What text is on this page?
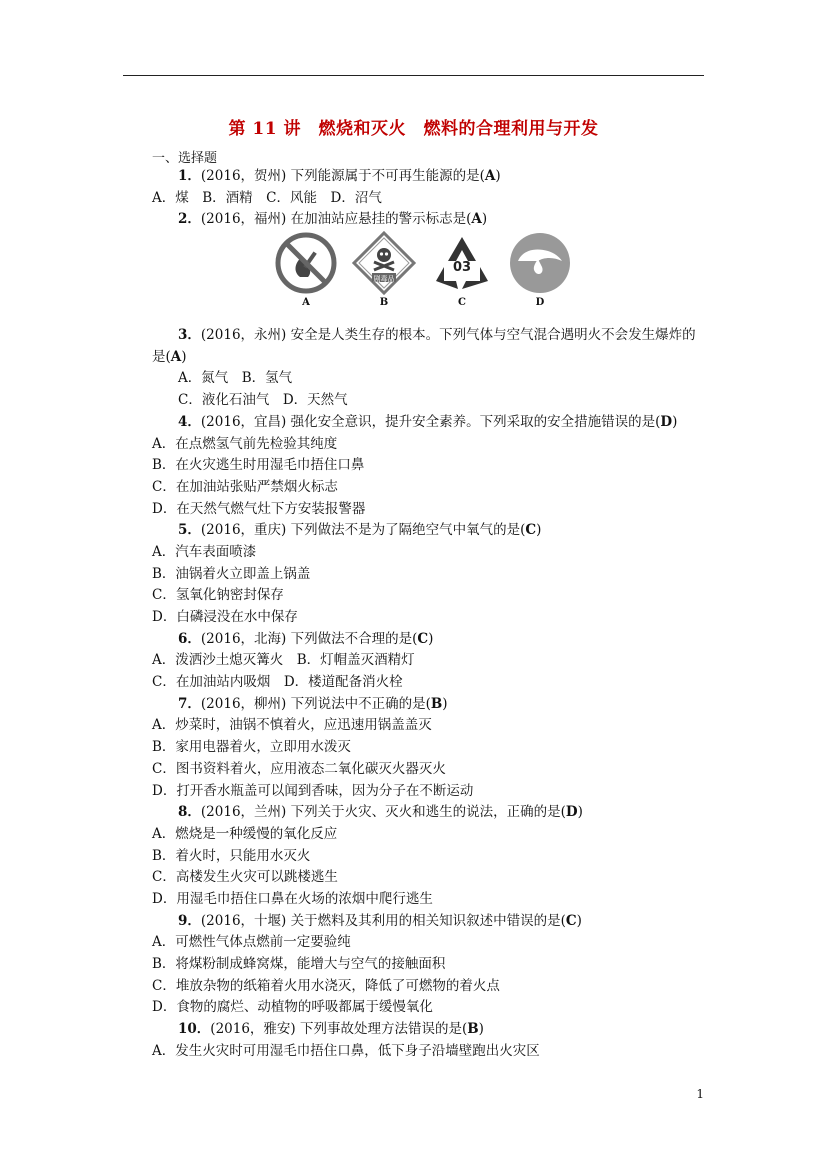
第 11 讲　燃烧和灭火　燃料的合理利用与开发
一、选择题
1．(2016，贺州) 下列能源属于不可再生能源的是(A)
A．煤　B．酒精　C．风能　D．沼气
2．(2016，福州) 在加油站应悬挂的警示标志是(A)
A
剧毒品
B
03
C	D
3．(2016，永州) 安全是人类生存的根本。下列气体与空气混合遇明火不会发生爆炸的
是(A)
A．氮气　B．氢气
C．液化石油气　D．天然气
4．(2016，宜昌) 强化安全意识，提升安全素养。下列采取的安全措施错误的是(D)
A．在点燃氢气前先检验其纯度
B．在火灾逃生时用湿毛巾捂住口鼻
C．在加油站张贴严禁烟火标志
D．在天然气燃气灶下方安装报警器
5．(2016，重庆) 下列做法不是为了隔绝空气中氧气的是(C)
A．汽车表面喷漆
B．油锅着火立即盖上锅盖
C．氢氧化钠密封保存
D．白磷浸没在水中保存
6．(2016，北海) 下列做法不合理的是(C)
A．泼洒沙土熄灭篝火　B．灯帽盖灭酒精灯
C．在加油站内吸烟　D．楼道配备消火栓
7．(2016，柳州) 下列说法中不正确的是(B)
A．炒菜时，油锅不慎着火，应迅速用锅盖盖灭
B．家用电器着火，立即用水泼灭
C．图书资料着火，应用液态二氧化碳灭火器灭火
D．打开香水瓶盖可以闻到香味，因为分子在不断运动
8．(2016，兰州) 下列关于火灾、灭火和逃生的说法，正确的是(D)
A．燃烧是一种缓慢的氧化反应
B．着火时，只能用水灭火
C．高楼发生火灾可以跳楼逃生
D．用湿毛巾捂住口鼻在火场的浓烟中爬行逃生
9．(2016，十堰) 关于燃料及其利用的相关知识叙述中错误的是(C)
A．可燃性气体点燃前一定要验纯
B．将煤粉制成蜂窝煤，能增大与空气的接触面积
C．堆放杂物的纸箱着火用水浇灭，降低了可燃物的着火点
D．食物的腐烂、动植物的呼吸都属于缓慢氧化
10．(2016，雅安) 下列事故处理方法错误的是(B)
A．发生火灾时可用湿毛巾捂住口鼻，低下身子沿墙壁跑出火灾区
1
